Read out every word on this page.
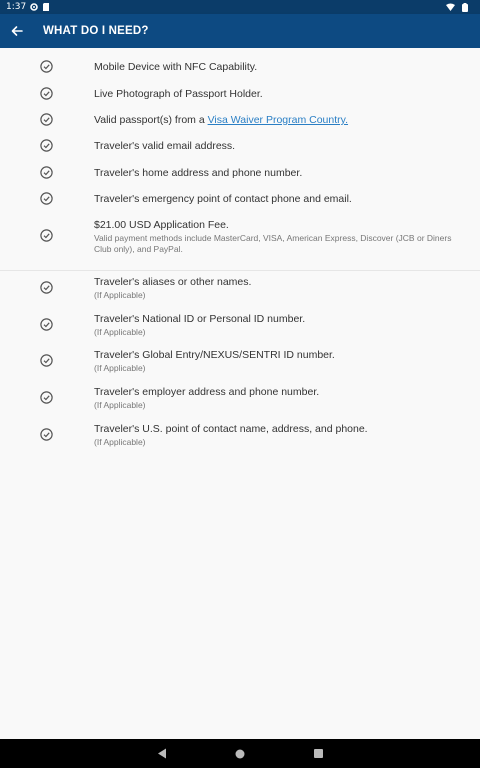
1:37
WHAT DO I NEED?
Mobile Device with NFC Capability.
Live Photograph of Passport Holder.
Valid passport(s) from a Visa Waiver Program Country.
Traveler's valid email address.
Traveler's home address and phone number.
Traveler's emergency point of contact phone and email.
$21.00 USD Application Fee.
Valid payment methods include MasterCard, VISA, American Express, Discover (JCB or Diners Club only), and PayPal.
Traveler's aliases or other names.
(If Applicable)
Traveler's National ID or Personal ID number.
(If Applicable)
Traveler's Global Entry/NEXUS/SENTRI ID number.
(If Applicable)
Traveler's employer address and phone number.
(If Applicable)
Traveler's U.S. point of contact name, address, and phone.
(If Applicable)
